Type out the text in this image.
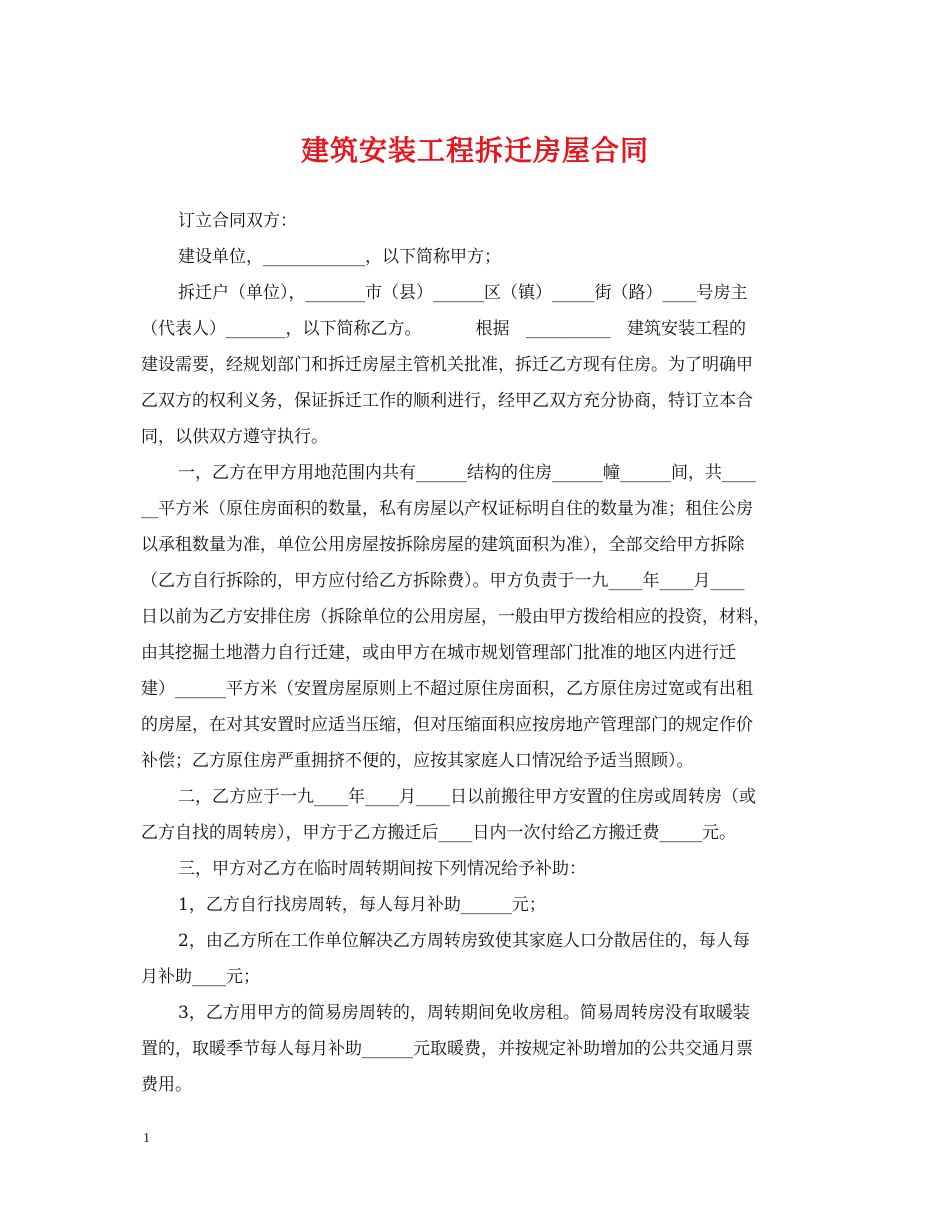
建筑安装工程拆迁房屋合同

订立合同双方：

建设单位，____________，以下简称甲方；

拆迁户（单位），_______市（县）______区（镇）_____街（路）____号房主

（代表人）_______，以下简称乙方。          根据   __________   建筑安装工程的

建设需要，经规划部门和拆迁房屋主管机关批准，拆迁乙方现有住房。为了明确甲

乙双方的权利义务，保证拆迁工作的顺利进行，经甲乙双方充分协商，特订立本合

同，以供双方遵守执行。

一，乙方在甲方用地范围内共有______结构的住房______幢______间，共____

__平方米（原住房面积的数量，私有房屋以产权证标明自住的数量为准；租住公房

以承租数量为准，单位公用房屋按拆除房屋的建筑面积为准），全部交给甲方拆除

（乙方自行拆除的，甲方应付给乙方拆除费）。甲方负责于一九____年____月____

日以前为乙方安排住房（拆除单位的公用房屋，一般由甲方拨给相应的投资，材料，

由其挖掘土地潜力自行迁建，或由甲方在城市规划管理部门批准的地区内进行迁

建）______平方米（安置房屋原则上不超过原住房面积，乙方原住房过宽或有出租

的房屋，在对其安置时应适当压缩，但对压缩面积应按房地产管理部门的规定作价

补偿；乙方原住房严重拥挤不便的，应按其家庭人口情况给予适当照顾）。

二，乙方应于一九____年____月____日以前搬往甲方安置的住房或周转房（或

乙方自找的周转房），甲方于乙方搬迁后____日内一次付给乙方搬迁费_____元。

三，甲方对乙方在临时周转期间按下列情况给予补助：

1，乙方自行找房周转，每人每月补助______元；

2，由乙方所在工作单位解决乙方周转房致使其家庭人口分散居住的，每人每

月补助____元；

3，乙方用甲方的简易房周转的，周转期间免收房租。简易周转房没有取暖装

置的，取暖季节每人每月补助______元取暖费，并按规定补助增加的公共交通月票

费用。

1
